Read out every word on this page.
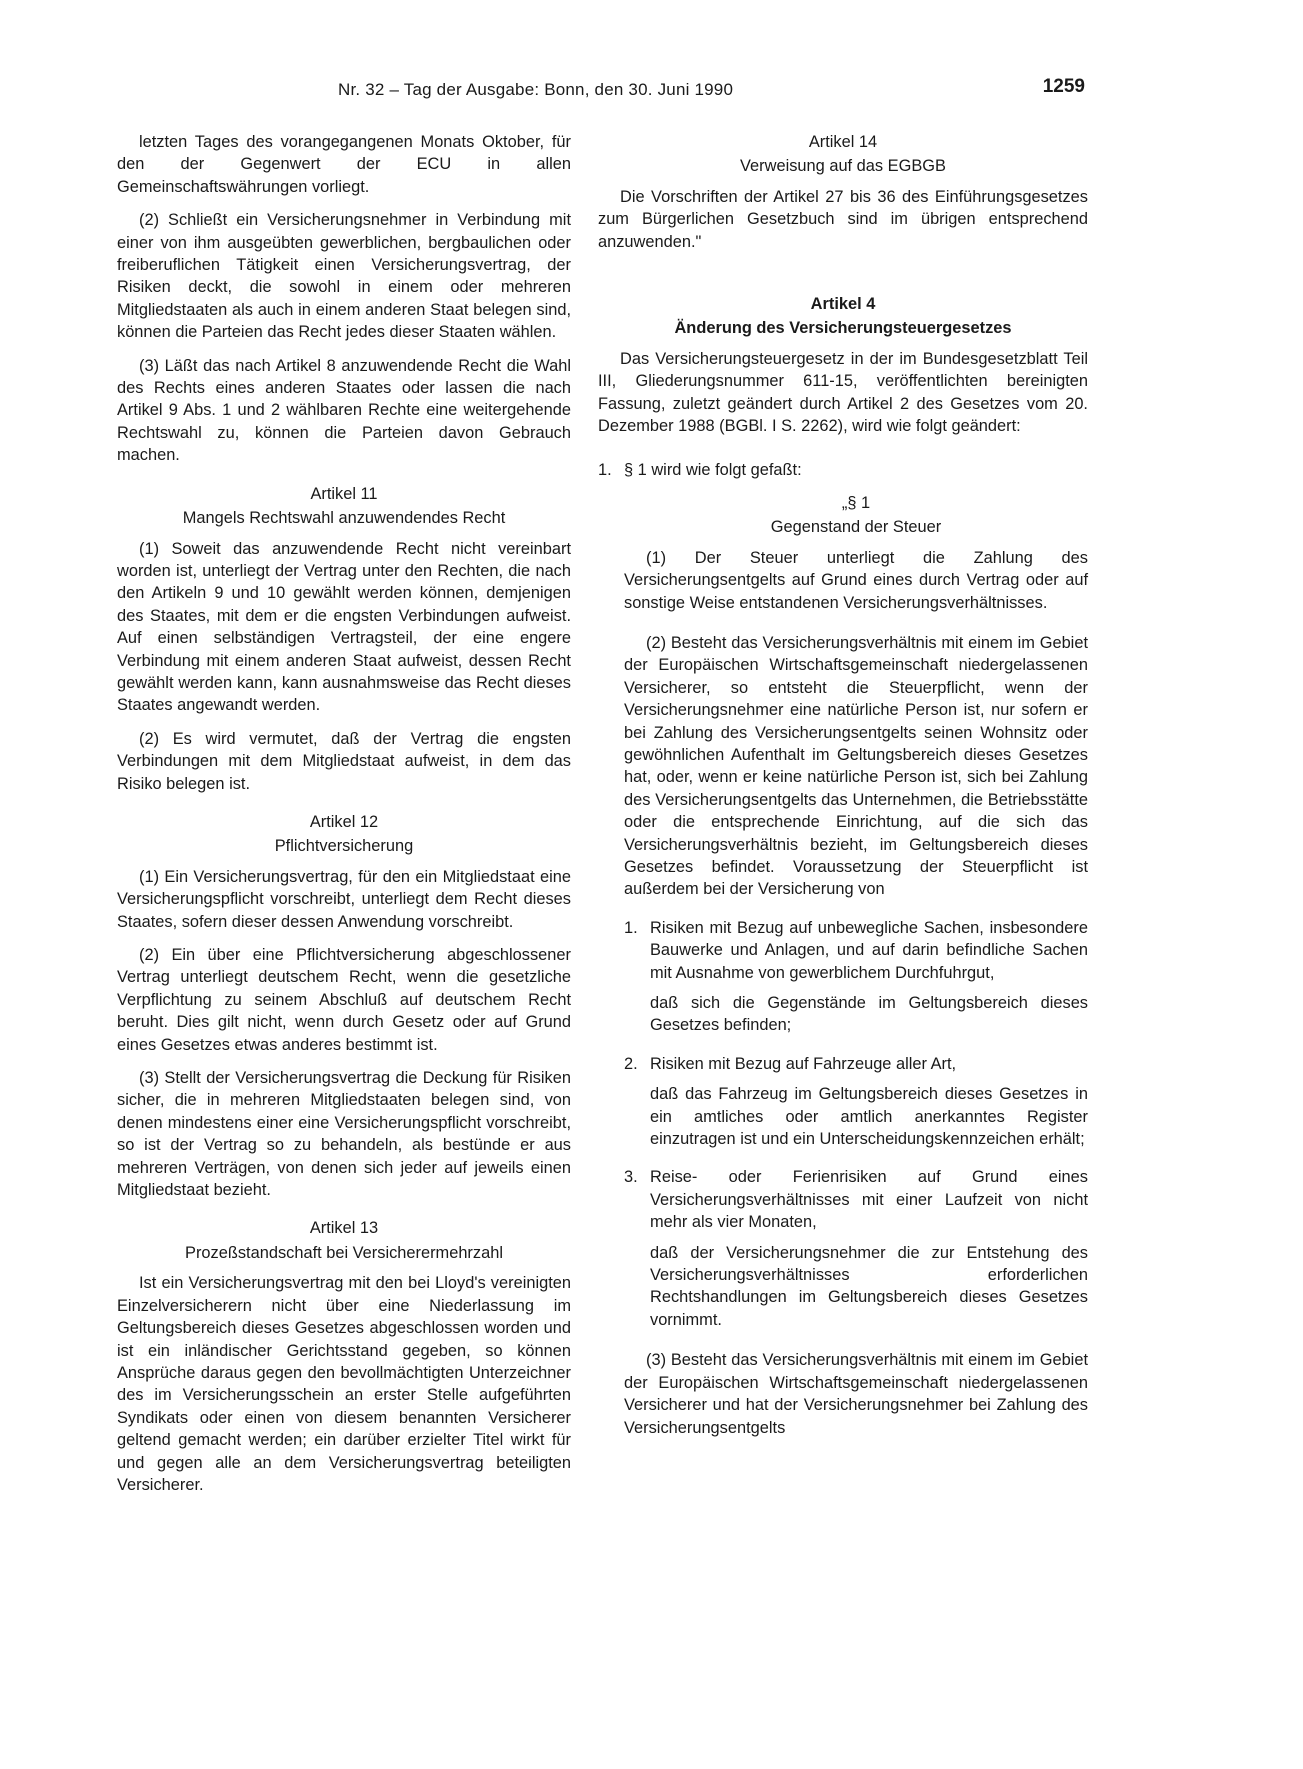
Nr. 32 – Tag der Ausgabe: Bonn, den 30. Juni 1990	1259

letzten Tages des vorangegangenen Monats Oktober, für den der Gegenwert der ECU in allen Gemeinschaftswährungen vorliegt.

(2) Schließt ein Versicherungsnehmer in Verbindung mit einer von ihm ausgeübten gewerblichen, bergbaulichen oder freiberuflichen Tätigkeit einen Versicherungsvertrag, der Risiken deckt, die sowohl in einem oder mehreren Mitgliedstaaten als auch in einem anderen Staat belegen sind, können die Parteien das Recht jedes dieser Staaten wählen.

(3) Läßt das nach Artikel 8 anzuwendende Recht die Wahl des Rechts eines anderen Staates oder lassen die nach Artikel 9 Abs. 1 und 2 wählbaren Rechte eine weitergehende Rechtswahl zu, können die Parteien davon Gebrauch machen.

Artikel 11
Mangels Rechtswahl anzuwendendes Recht

(1) Soweit das anzuwendende Recht nicht vereinbart worden ist, unterliegt der Vertrag unter den Rechten, die nach den Artikeln 9 und 10 gewählt werden können, demjenigen des Staates, mit dem er die engsten Verbindungen aufweist. Auf einen selbständigen Vertragsteil, der eine engere Verbindung mit einem anderen Staat aufweist, dessen Recht gewählt werden kann, kann ausnahmsweise das Recht dieses Staates angewandt werden.

(2) Es wird vermutet, daß der Vertrag die engsten Verbindungen mit dem Mitgliedstaat aufweist, in dem das Risiko belegen ist.

Artikel 12
Pflichtversicherung

(1) Ein Versicherungsvertrag, für den ein Mitgliedstaat eine Versicherungspflicht vorschreibt, unterliegt dem Recht dieses Staates, sofern dieser dessen Anwendung vorschreibt.

(2) Ein über eine Pflichtversicherung abgeschlossener Vertrag unterliegt deutschem Recht, wenn die gesetzliche Verpflichtung zu seinem Abschluß auf deutschem Recht beruht. Dies gilt nicht, wenn durch Gesetz oder auf Grund eines Gesetzes etwas anderes bestimmt ist.

(3) Stellt der Versicherungsvertrag die Deckung für Risiken sicher, die in mehreren Mitgliedstaaten belegen sind, von denen mindestens einer eine Versicherungspflicht vorschreibt, so ist der Vertrag so zu behandeln, als bestünde er aus mehreren Verträgen, von denen sich jeder auf jeweils einen Mitgliedstaat bezieht.

Artikel 13
Prozeßstandschaft bei Versicherermehrzahl

Ist ein Versicherungsvertrag mit den bei Lloyd's vereinigten Einzelversicherern nicht über eine Niederlassung im Geltungsbereich dieses Gesetzes abgeschlossen worden und ist ein inländischer Gerichtsstand gegeben, so können Ansprüche daraus gegen den bevollmächtigten Unterzeichner des im Versicherungsschein an erster Stelle aufgeführten Syndikats oder einen von diesem benannten Versicherer geltend gemacht werden; ein darüber erzielter Titel wirkt für und gegen alle an dem Versicherungsvertrag beteiligten Versicherer.

Artikel 14
Verweisung auf das EGBGB

Die Vorschriften der Artikel 27 bis 36 des Einführungsgesetzes zum Bürgerlichen Gesetzbuch sind im übrigen entsprechend anzuwenden."

Artikel 4
Änderung des Versicherungsteuergesetzes

Das Versicherungsteuergesetz in der im Bundesgesetzblatt Teil III, Gliederungsnummer 611-15, veröffentlichten bereinigten Fassung, zuletzt geändert durch Artikel 2 des Gesetzes vom 20. Dezember 1988 (BGBl. I S. 2262), wird wie folgt geändert:

1. § 1 wird wie folgt gefaßt:

„§ 1
Gegenstand der Steuer

(1) Der Steuer unterliegt die Zahlung des Versicherungsentgelts auf Grund eines durch Vertrag oder auf sonstige Weise entstandenen Versicherungsverhältnisses.

(2) Besteht das Versicherungsverhältnis mit einem im Gebiet der Europäischen Wirtschaftsgemeinschaft niedergelassenen Versicherer, so entsteht die Steuerpflicht, wenn der Versicherungsnehmer eine natürliche Person ist, nur sofern er bei Zahlung des Versicherungsentgelts seinen Wohnsitz oder gewöhnlichen Aufenthalt im Geltungsbereich dieses Gesetzes hat, oder, wenn er keine natürliche Person ist, sich bei Zahlung des Versicherungsentgelts das Unternehmen, die Betriebsstätte oder die entsprechende Einrichtung, auf die sich das Versicherungsverhältnis bezieht, im Geltungsbereich dieses Gesetzes befindet. Voraussetzung der Steuerpflicht ist außerdem bei der Versicherung von

1. Risiken mit Bezug auf unbewegliche Sachen, insbesondere Bauwerke und Anlagen, und auf darin befindliche Sachen mit Ausnahme von gewerblichem Durchfuhrgut,

daß sich die Gegenstände im Geltungsbereich dieses Gesetzes befinden;

2. Risiken mit Bezug auf Fahrzeuge aller Art,

daß das Fahrzeug im Geltungsbereich dieses Gesetzes in ein amtliches oder amtlich anerkanntes Register einzutragen ist und ein Unterscheidungskennzeichen erhält;

3. Reise- oder Ferienrisiken auf Grund eines Versicherungsverhältnisses mit einer Laufzeit von nicht mehr als vier Monaten,

daß der Versicherungsnehmer die zur Entstehung des Versicherungsverhältnisses erforderlichen Rechtshandlungen im Geltungsbereich dieses Gesetzes vornimmt.

(3) Besteht das Versicherungsverhältnis mit einem im Gebiet der Europäischen Wirtschaftsgemeinschaft niedergelassenen Versicherer und hat der Versicherungsnehmer bei Zahlung des Versicherungsentgelts
